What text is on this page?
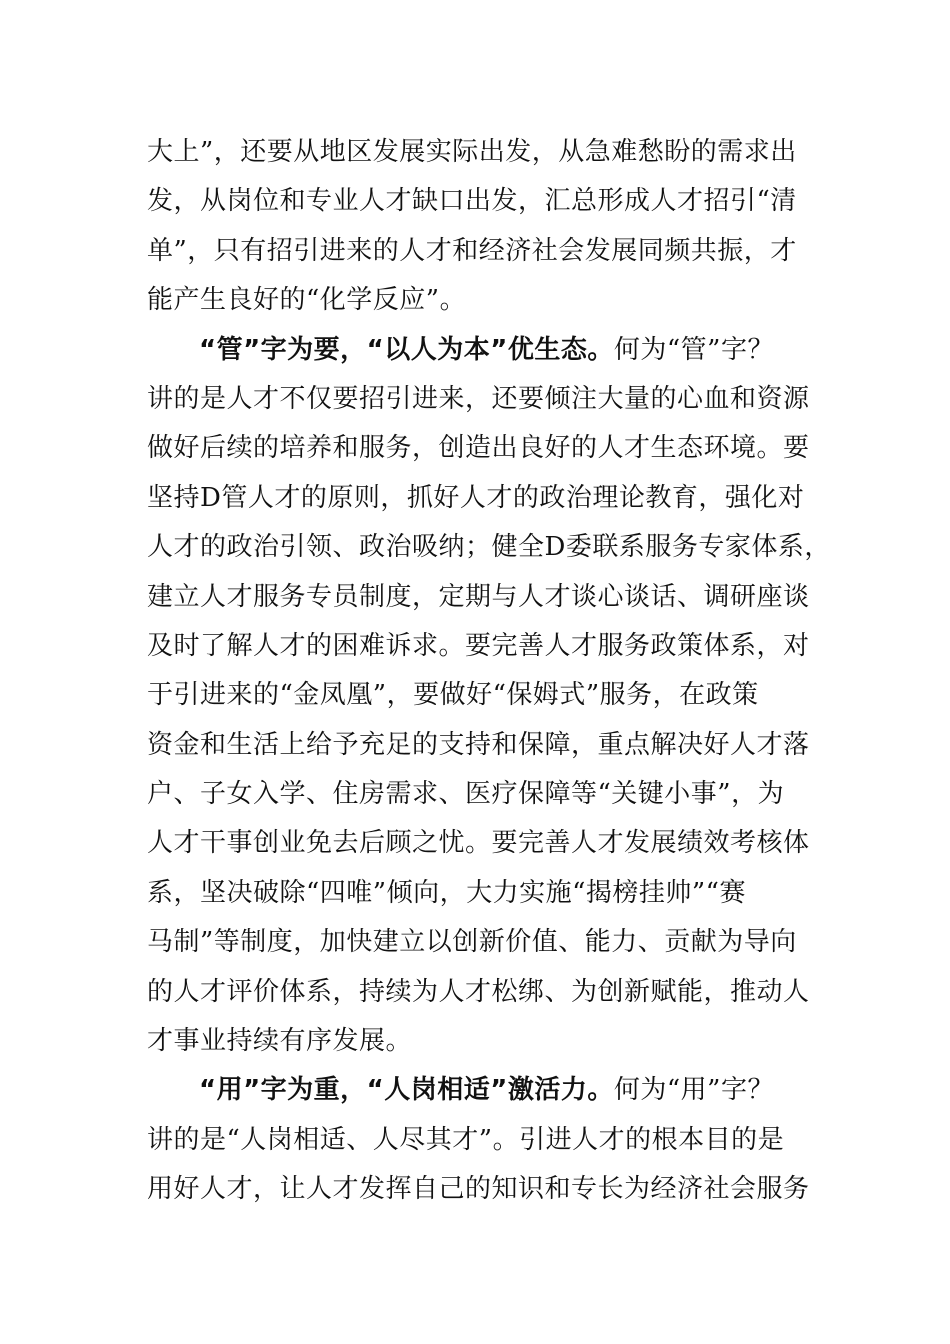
大上”，还要从地区发展实际出发，从急难愁盼的需求出
发，从岗位和专业人才缺口出发，汇总形成人才招引“清
单”，只有招引进来的人才和经济社会发展同频共振，才
能产生良好的“化学反应”。
“管”字为要，“以人为本”优生态。何为“管”字？
讲的是人才不仅要招引进来，还要倾注大量的心血和资源
做好后续的培养和服务，创造出良好的人才生态环境。要
坚持D管人才的原则，抓好人才的政治理论教育，强化对
人才的政治引领、政治吸纳；健全D委联系服务专家体系，
建立人才服务专员制度，定期与人才谈心谈话、调研座谈
及时了解人才的困难诉求。要完善人才服务政策体系，对
于引进来的“金凤凰”，要做好“保姆式”服务，在政策
资金和生活上给予充足的支持和保障，重点解决好人才落
户、子女入学、住房需求、医疗保障等“关键小事”，为
人才干事创业免去后顾之忧。要完善人才发展绩效考核体
系，坚决破除“四唯”倾向，大力实施“揭榜挂帅”“赛
马制”等制度，加快建立以创新价值、能力、贡献为导向
的人才评价体系，持续为人才松绑、为创新赋能，推动人
才事业持续有序发展。
“用”字为重，“人岗相适”激活力。何为“用”字？
讲的是“人岗相适、人尽其才”。引进人才的根本目的是
用好人才，让人才发挥自己的知识和专长为经济社会服务
